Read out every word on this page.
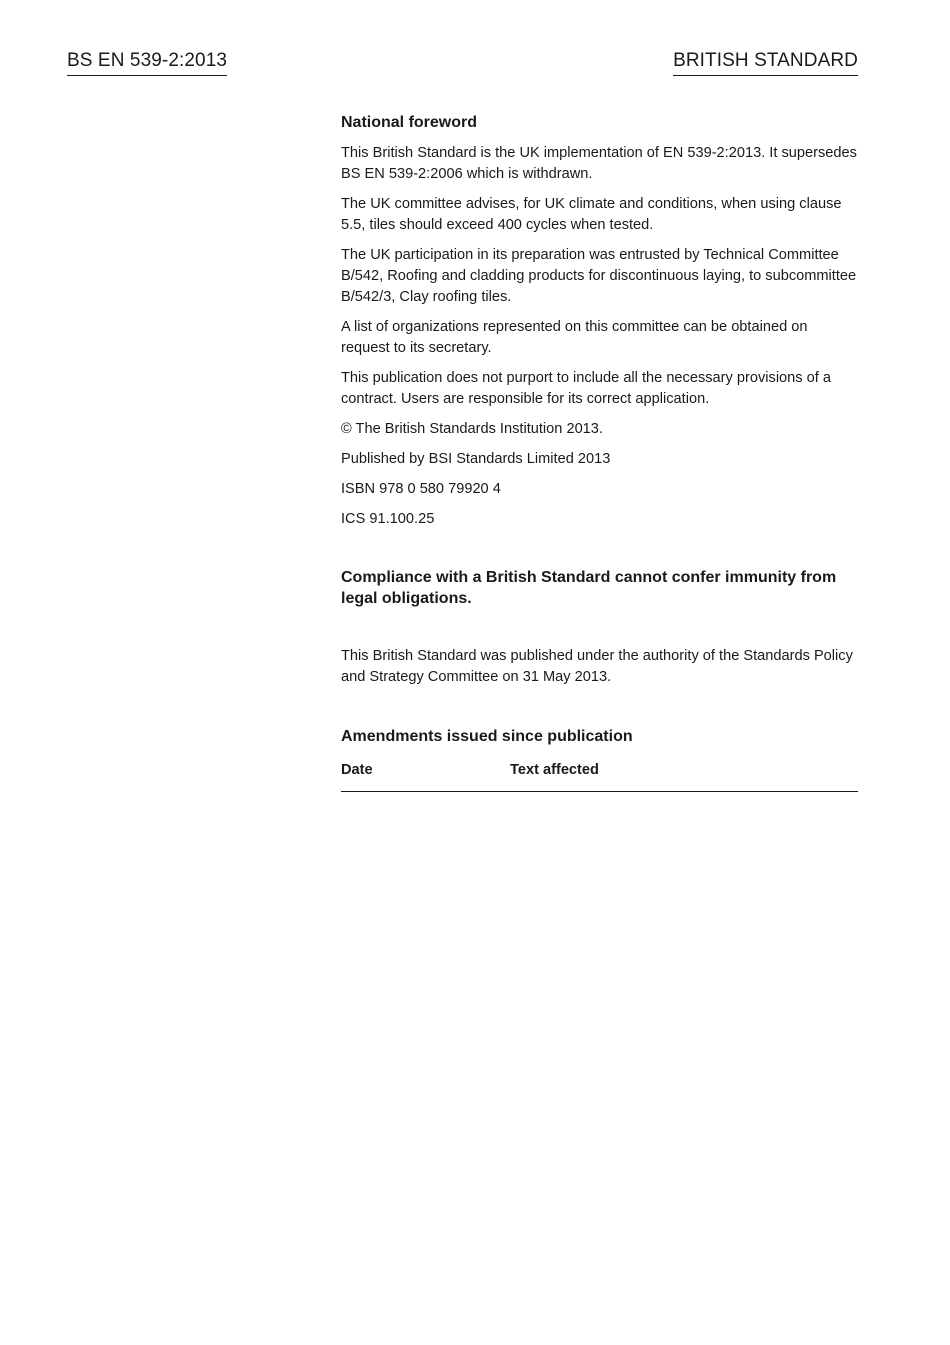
BS EN 539-2:2013	BRITISH STANDARD
National foreword

This British Standard is the UK implementation of EN 539-2:2013. It supersedes BS EN 539-2:2006 which is withdrawn.

The UK committee advises, for UK climate and conditions, when using clause 5.5, tiles should exceed 400 cycles when tested.

The UK participation in its preparation was entrusted by Technical Committee B/542, Roofing and cladding products for discontinuous laying, to subcommittee B/542/3, Clay roofing tiles.

A list of organizations represented on this committee can be obtained on request to its secretary.

This publication does not purport to include all the necessary provisions of a contract. Users are responsible for its correct application.

© The British Standards Institution 2013.

Published by BSI Standards Limited 2013

ISBN 978 0 580 79920 4

ICS 91.100.25

Compliance with a British Standard cannot confer immunity from legal obligations.

This British Standard was published under the authority of the Standards Policy and Strategy Committee on 31 May 2013.

Amendments issued since publication
Date	Text affected
